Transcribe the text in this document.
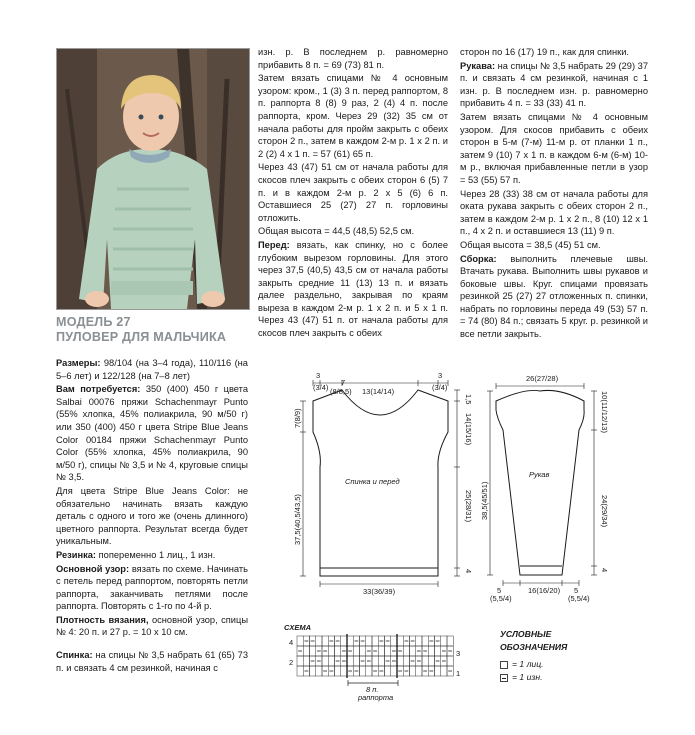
МОДЕЛЬ 27
ПУЛОВЕР ДЛЯ МАЛЬЧИКА

Размеры: 98/104 (на 3–4 года), 110/116 (на 5–6 лет) и 122/128 (на 7–8 лет)

Вам потребуется: 350 (400) 450 г цвета Salbai 00076 пряжи Schachenmayr Punto (55% хлопка, 45% полиакрила, 90 м/50 г) или 350 (400) 450 г цвета Stripe Blue Jeans Color 00184 пряжи Schachenmayr Punto Color (55% хлопка, 45% полиакрила, 90 м/50 г), спицы № 3,5 и № 4, круговые спицы № 3,5.

Для цвета Stripe Blue Jeans Color: не обязательно начинать вязать каждую деталь с одного и того же (очень длинного) цветного раппорта. Результат всегда будет уникальным.

Резинка: попеременно 1 лиц., 1 изн.

Основной узор: вязать по схеме. Начинать с петель перед раппортом, повторять петли раппорта, заканчивать петлями после раппорта. Повторять с 1-го по 4-й р.

Плотность вязания, основной узор, спицы № 4: 20 п. и 27 р. = 10 х 10 см.

Спинка: на спицы № 3,5 набрать 61 (65) 73 п. и связать 4 см резинкой, начиная с

изн. р. В последнем р. равномерно прибавить 8 п. = 69 (73) 81 п.

Затем вязать спицами № 4 основным узором: кром., 1 (3) 3 п. перед раппортом, 8 п. раппорта 8 (8) 9 раз, 2 (4) 4 п. после раппорта, кром. Через 29 (32) 35 см от начала работы для пройм закрыть с обеих сторон 2 п., затем в каждом 2-м р. 1 х 2 п. и 2 (2) 4 х 1 п. = 57 (61) 65 п.

Через 43 (47) 51 см от начала работы для скосов плеч закрыть с обеих сторон 6 (5) 7 п. и в каждом 2-м р. 2 х 5 (6) 6 п. Оставшиеся 25 (27) 27 п. горловины отложить.

Общая высота = 44,5 (48,5) 52,5 см.

Перед: вязать, как спинку, но с более глубоким вырезом горловины. Для этого через 37,5 (40,5) 43,5 см от начала работы закрыть средние 11 (13) 13 п. и вязать далее раздельно, закрывая по краям выреза в каждом 2-м р. 1 х 2 п. и 5 х 1 п. Через 43 (47) 51 п. от начала работы для скосов плеч закрыть с обеих

сторон по 16 (17) 19 п., как для спинки.

Рукава: на спицы № 3,5 набрать 29 (29) 37 п. и связать 4 см резинкой, начиная с 1 изн. р. В последнем изн. р. равномерно прибавить 4 п. = 33 (33) 41 п.

Затем вязать спицами № 4 основным узором. Для скосов прибавить с обеих сторон в 5-м (7-м) 11-м р. от планки 1 п., затем 9 (10) 7 х 1 п. в каждом 6-м (6-м) 10-м р., включая прибавленные петли в узор = 53 (55) 57 п.

Через 28 (33) 38 см от начала работы для оката рукава закрыть с обеих сторон 2 п., затем в каждом 2-м р. 1 х 2 п., 8 (10) 12 х 1 п., 4 х 2 п. и оставшиеся 13 (11) 9 п.

Общая высота = 38,5 (45) 51 см.

Сборка: выполнить плечевые швы. Втачать рукава. Выполнить швы рукавов и боковые швы. Круг. спицами провязать резинкой 25 (27) 27 отложенных п. спинки, набрать по горловины переда 49 (53) 57 п. = 74 (80) 84 п.; связать 5 круг. р. резинкой и все петли закрыть.

3
(3/4)
7
(8/8,5) 13(14/14)
3
(3/4)
7(8/9)
37,5(40,5/43,5)
1,5
14(15/16)
25(28/31)
4
Спинка и перед
33(36/39)
26(27/28)
10(11/12/13)
24(29/34)
4
38,5(45/51)
Рукав
5
(5,5/4)
16(16/20) 5
(5,5/4)
СХЕМА
4
2
3
1
8 п.
раппорта
УСЛОВНЫЕ
ОБОЗНАЧЕНИЯ
= 1 лиц.
= 1 изн.
